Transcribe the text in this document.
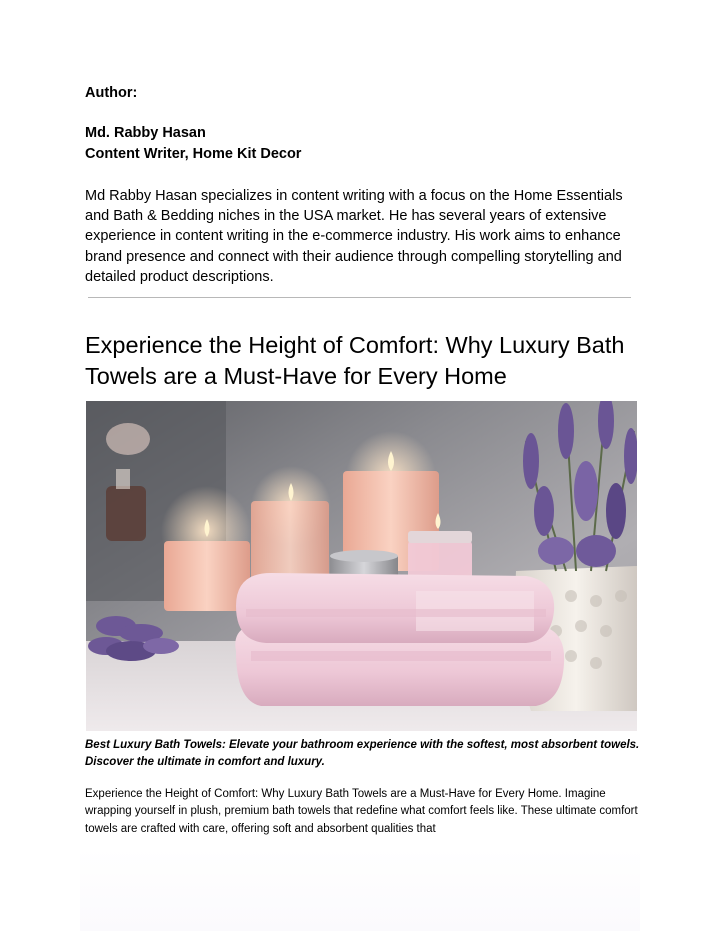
Author:

Md. Rabby Hasan

Content Writer, Home Kit Decor

Md Rabby Hasan specializes in content writing with a focus on the Home Essentials and Bath & Bedding niches in the USA market. He has several years of extensive experience in content writing in the e-commerce industry. His work aims to enhance brand presence and connect with their audience through compelling storytelling and detailed product descriptions.

Experience the Height of Comfort: Why Luxury Bath Towels are a Must-Have for Every Home

Best Luxury Bath Towels: Elevate your bathroom experience with the softest, most absorbent towels. Discover the ultimate in comfort and luxury.

Experience the Height of Comfort: Why Luxury Bath Towels are a Must-Have for Every Home. Imagine wrapping yourself in plush, premium bath towels that redefine what comfort feels like. These ultimate comfort towels are crafted with care, offering soft and absorbent qualities that
